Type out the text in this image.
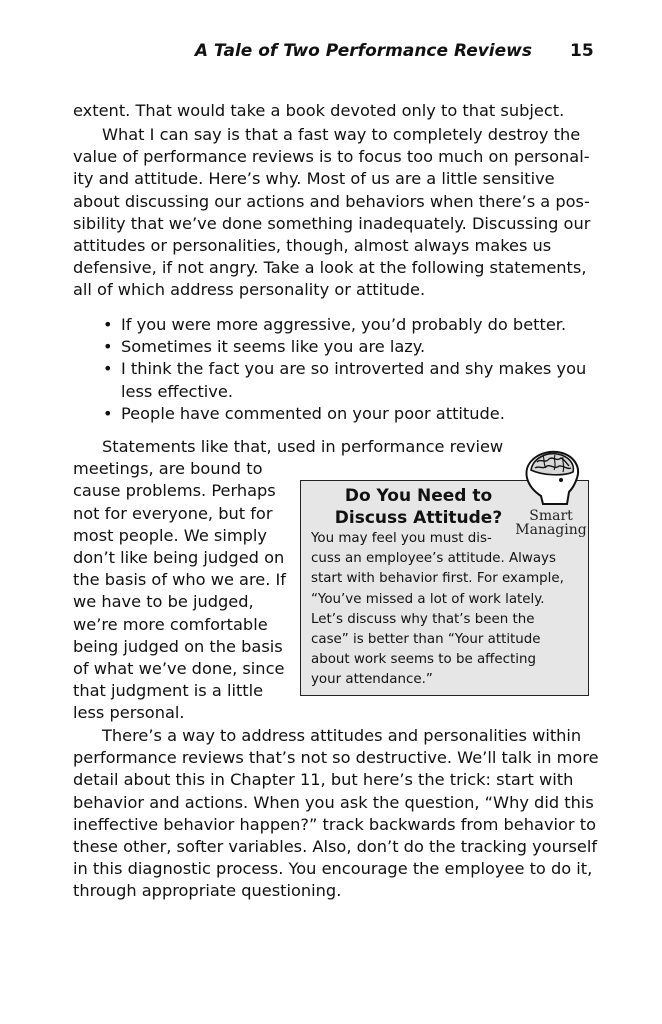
A Tale of Two Performance Reviews 15

extent. That would take a book devoted only to that subject.

What I can say is that a fast way to completely destroy the
value of performance reviews is to focus too much on personal-
ity and attitude. Here’s why. Most of us are a little sensitive
about discussing our actions and behaviors when there’s a pos-
sibility that we’ve done something inadequately. Discussing our
attitudes or personalities, though, almost always makes us
defensive, if not angry. Take a look at the following statements,
all of which address personality or attitude.

• If you were more aggressive, you’d probably do better.
• Sometimes it seems like you are lazy.
• I think the fact you are so introverted and shy makes you
less effective.
• People have commented on your poor attitude.

Statements like that, used in performance review
meetings, are bound to
cause problems. Perhaps
not for everyone, but for
most people. We simply
don’t like being judged on
the basis of who we are. If
we have to be judged,
we’re more comfortable
being judged on the basis
of what we’ve done, since
that judgment is a little
less personal.

Do You Need to
Discuss Attitude?
You may feel you must dis-
cuss an employee’s attitude. Always
start with behavior first. For example,
“You’ve missed a lot of work lately.
Let’s discuss why that’s been the
case” is better than “Your attitude
about work seems to be affecting
your attendance.”
Smart
Managing

There’s a way to address attitudes and personalities within
performance reviews that’s not so destructive. We’ll talk in more
detail about this in Chapter 11, but here’s the trick: start with
behavior and actions. When you ask the question, “Why did this
ineffective behavior happen?” track backwards from behavior to
these other, softer variables. Also, don’t do the tracking yourself
in this diagnostic process. You encourage the employee to do it,
through appropriate questioning.
